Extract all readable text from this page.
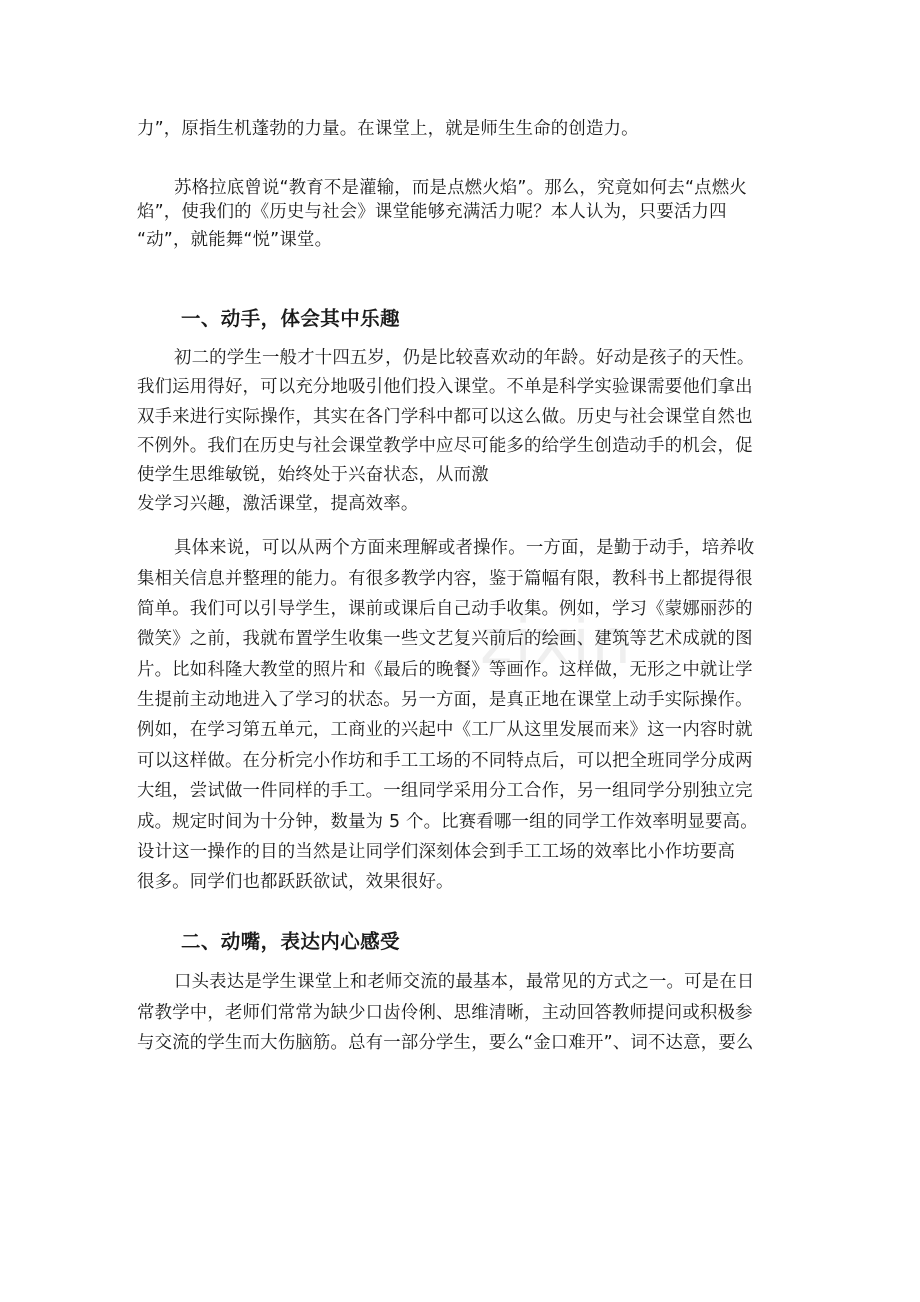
zixin

力”，原指生机蓬勃的力量。在课堂上，就是师生生命的创造力。

苏格拉底曾说“教育不是灌输，而是点燃火焰”。那么，究竟如何去“点燃火

焰”，使我们的《历史与社会》课堂能够充满活力呢？本人认为，只要活力四

“动”，就能舞“悦”课堂。

一、动手，体会其中乐趣

初二的学生一般才十四五岁，仍是比较喜欢动的年龄。好动是孩子的天性。

我们运用得好，可以充分地吸引他们投入课堂。不单是科学实验课需要他们拿出

双手来进行实际操作，其实在各门学科中都可以这么做。历史与社会课堂自然也

不例外。我们在历史与社会课堂教学中应尽可能多的给学生创造动手的机会，促

使学生思维敏锐，始终处于兴奋状态，从而激

发学习兴趣，激活课堂，提高效率。

具体来说，可以从两个方面来理解或者操作。一方面，是勤于动手，培养收

集相关信息并整理的能力。有很多教学内容，鉴于篇幅有限，教科书上都提得很

简单。我们可以引导学生，课前或课后自己动手收集。例如，学习《蒙娜丽莎的

微笑》之前，我就布置学生收集一些文艺复兴前后的绘画、建筑等艺术成就的图

片。比如科隆大教堂的照片和《最后的晚餐》等画作。这样做，无形之中就让学

生提前主动地进入了学习的状态。另一方面，是真正地在课堂上动手实际操作。

例如，在学习第五单元，工商业的兴起中《工厂从这里发展而来》这一内容时就

可以这样做。在分析完小作坊和手工工场的不同特点后，可以把全班同学分成两

大组，尝试做一件同样的手工。一组同学采用分工合作，另一组同学分别独立完

成。规定时间为十分钟，数量为 5 个。比赛看哪一组的同学工作效率明显要高。

设计这一操作的目的当然是让同学们深刻体会到手工工场的效率比小作坊要高

很多。同学们也都跃跃欲试，效果很好。

二、动嘴，表达内心感受

口头表达是学生课堂上和老师交流的最基本，最常见的方式之一。可是在日

常教学中，老师们常常为缺少口齿伶俐、思维清晰，主动回答教师提问或积极参

与交流的学生而大伤脑筋。总有一部分学生，要么“金口难开”、词不达意，要么
